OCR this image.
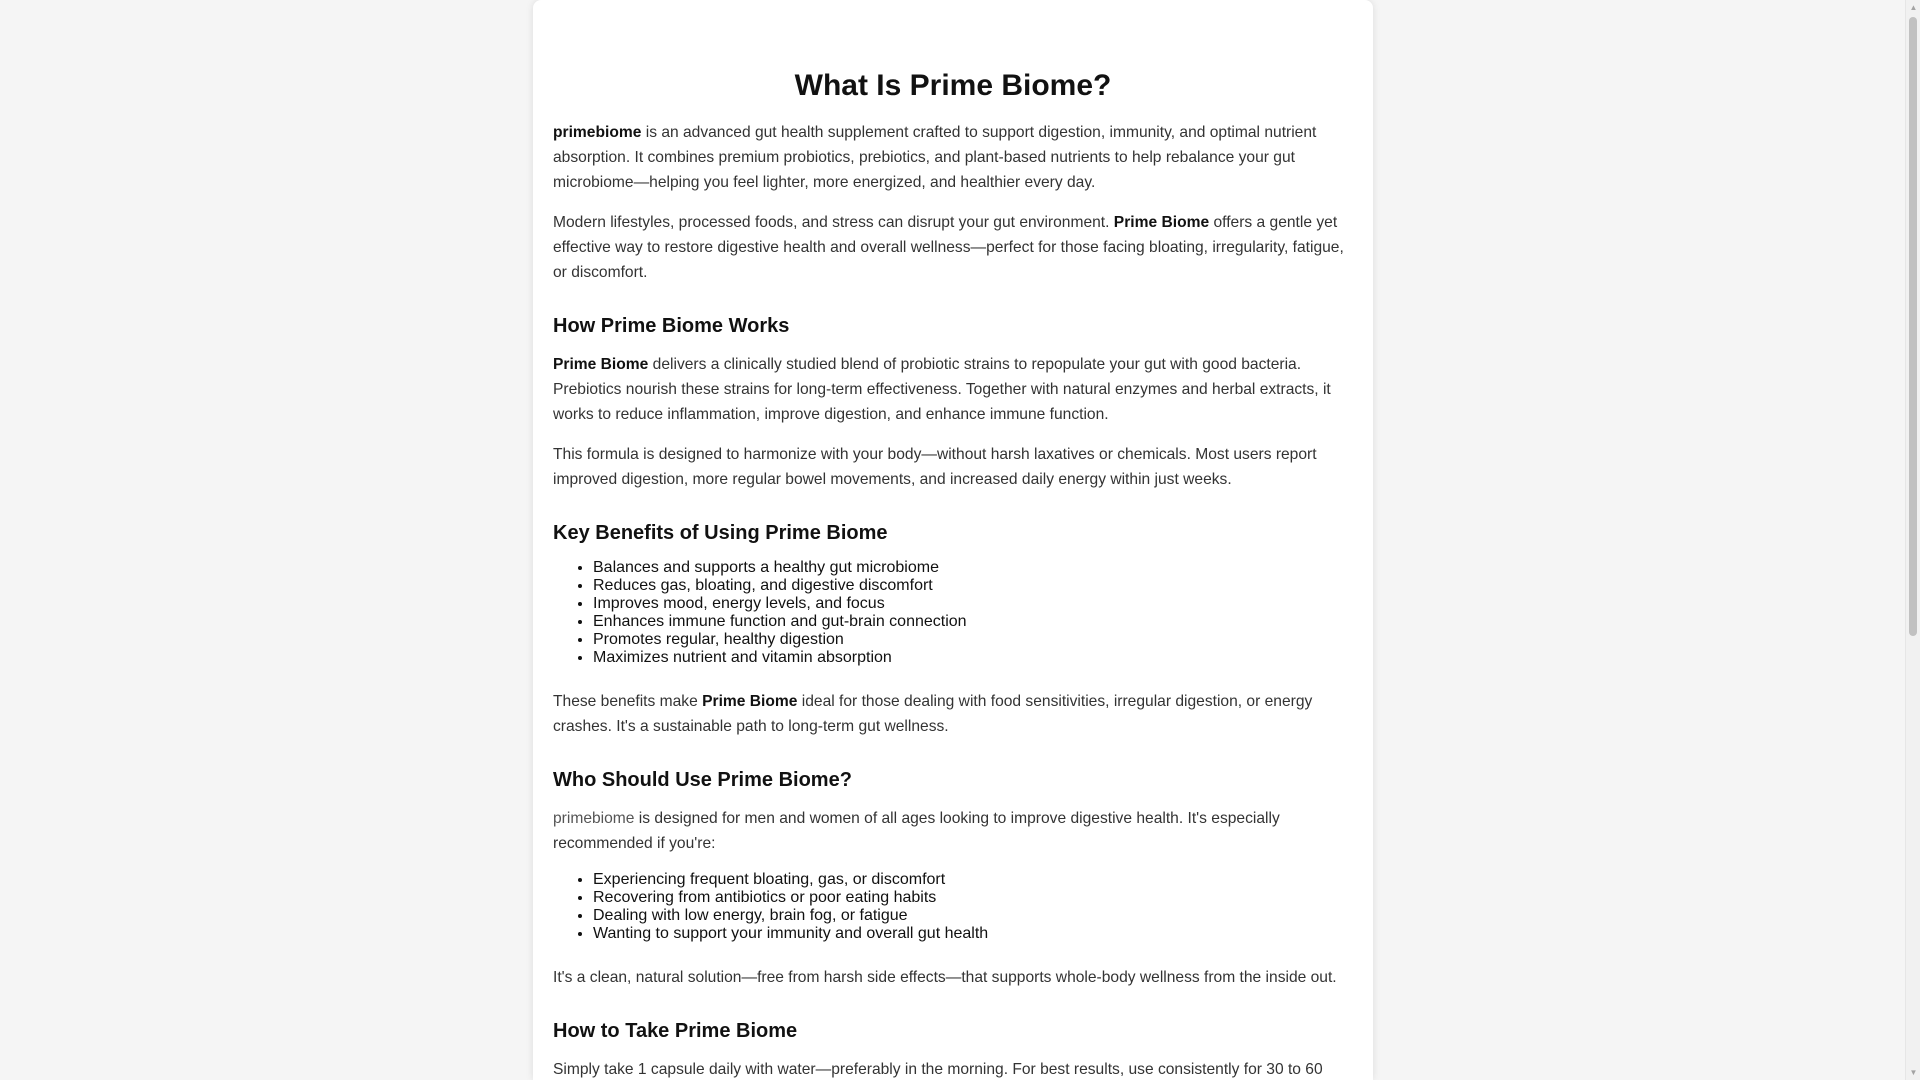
What Is Prime Biome?

primebiome is an advanced gut health supplement crafted to support digestion, immunity, and optimal nutrient absorption. It combines premium probiotics, prebiotics, and plant-based nutrients to help rebalance your gut microbiome—helping you feel lighter, more energized, and healthier every day.

Modern lifestyles, processed foods, and stress can disrupt your gut environment. Prime Biome offers a gentle yet effective way to restore digestive health and overall wellness—perfect for those facing bloating, irregularity, fatigue, or discomfort.

How Prime Biome Works

Prime Biome delivers a clinically studied blend of probiotic strains to repopulate your gut with good bacteria. Prebiotics nourish these strains for long-term effectiveness. Together with natural enzymes and herbal extracts, it works to reduce inflammation, improve digestion, and enhance immune function.

This formula is designed to harmonize with your body—without harsh laxatives or chemicals. Most users report improved digestion, more regular bowel movements, and increased daily energy within just weeks.

Key Benefits of Using Prime Biome
• Balances and supports a healthy gut microbiome
• Reduces gas, bloating, and digestive discomfort
• Improves mood, energy levels, and focus
• Enhances immune function and gut-brain connection
• Promotes regular, healthy digestion
• Maximizes nutrient and vitamin absorption

These benefits make Prime Biome ideal for those dealing with food sensitivities, irregular digestion, or energy crashes. It's a sustainable path to long-term gut wellness.

Who Should Use Prime Biome?

primebiome is designed for men and women of all ages looking to improve digestive health. It's especially recommended if you're:

• Experiencing frequent bloating, gas, or discomfort
• Recovering from antibiotics or poor eating habits
• Dealing with low energy, brain fog, or fatigue
• Wanting to support your immunity and overall gut health

It's a clean, natural solution—free from harsh side effects—that supports whole-body wellness from the inside out.

How to Take Prime Biome

Simply take 1 capsule daily with water—preferably in the morning. For best results, use consistently for 30 to 60

▲
▼
